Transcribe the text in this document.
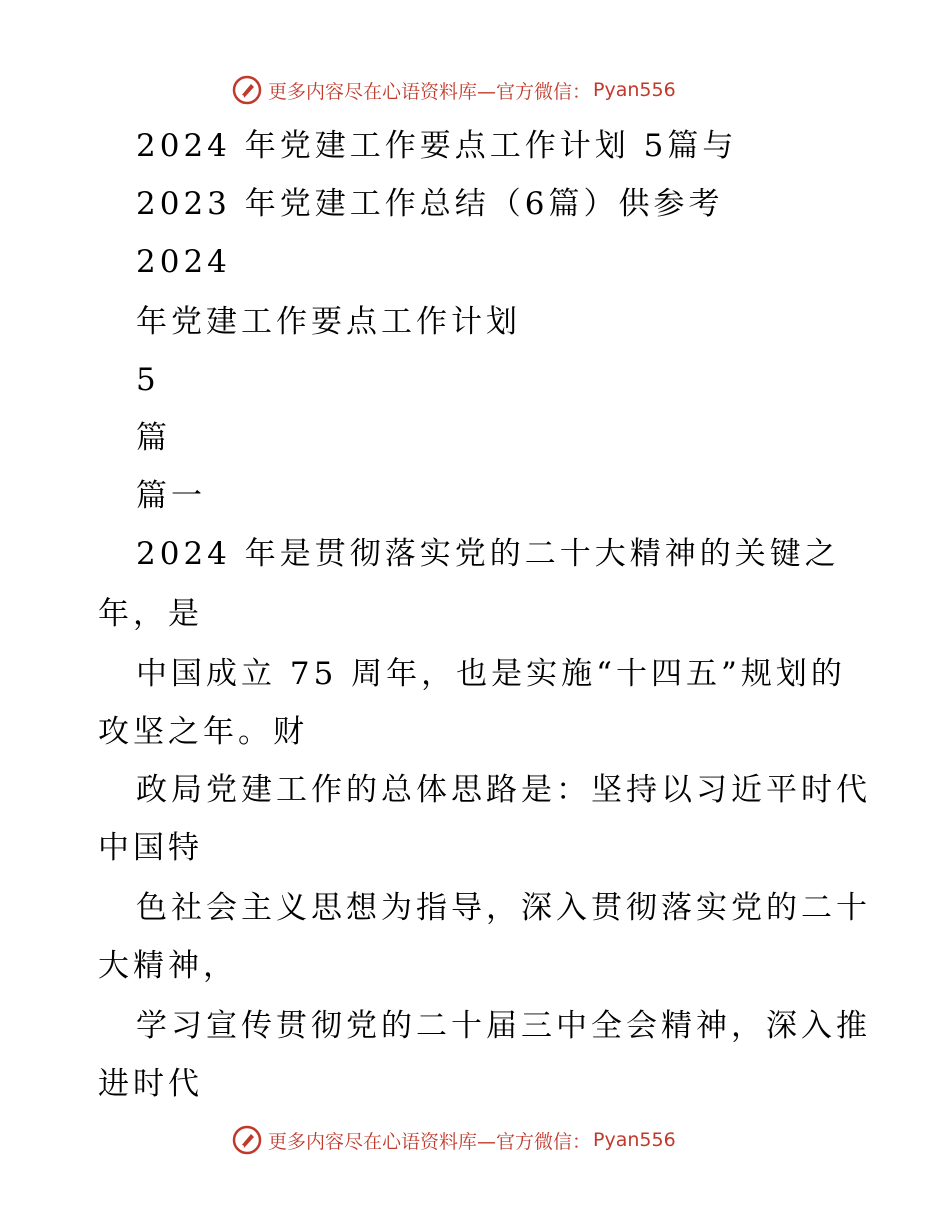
更多内容尽在心语资料库—官方微信： Pyan556
2024 年党建工作要点工作计划 5篇与
2023 年党建工作总结（6篇）供参考
2024
年党建工作要点工作计划
5
篇
篇一
2024 年是贯彻落实党的二十大精神的关键之
年，是
中国成立 75 周年，也是实施“十四五”规划的
攻坚之年。财
政局党建工作的总体思路是：坚持以习近平时代
中国特
色社会主义思想为指导，深入贯彻落实党的二十
大精神，
学习宣传贯彻党的二十届三中全会精神，深入推
进时代
更多内容尽在心语资料库—官方微信： Pyan556
